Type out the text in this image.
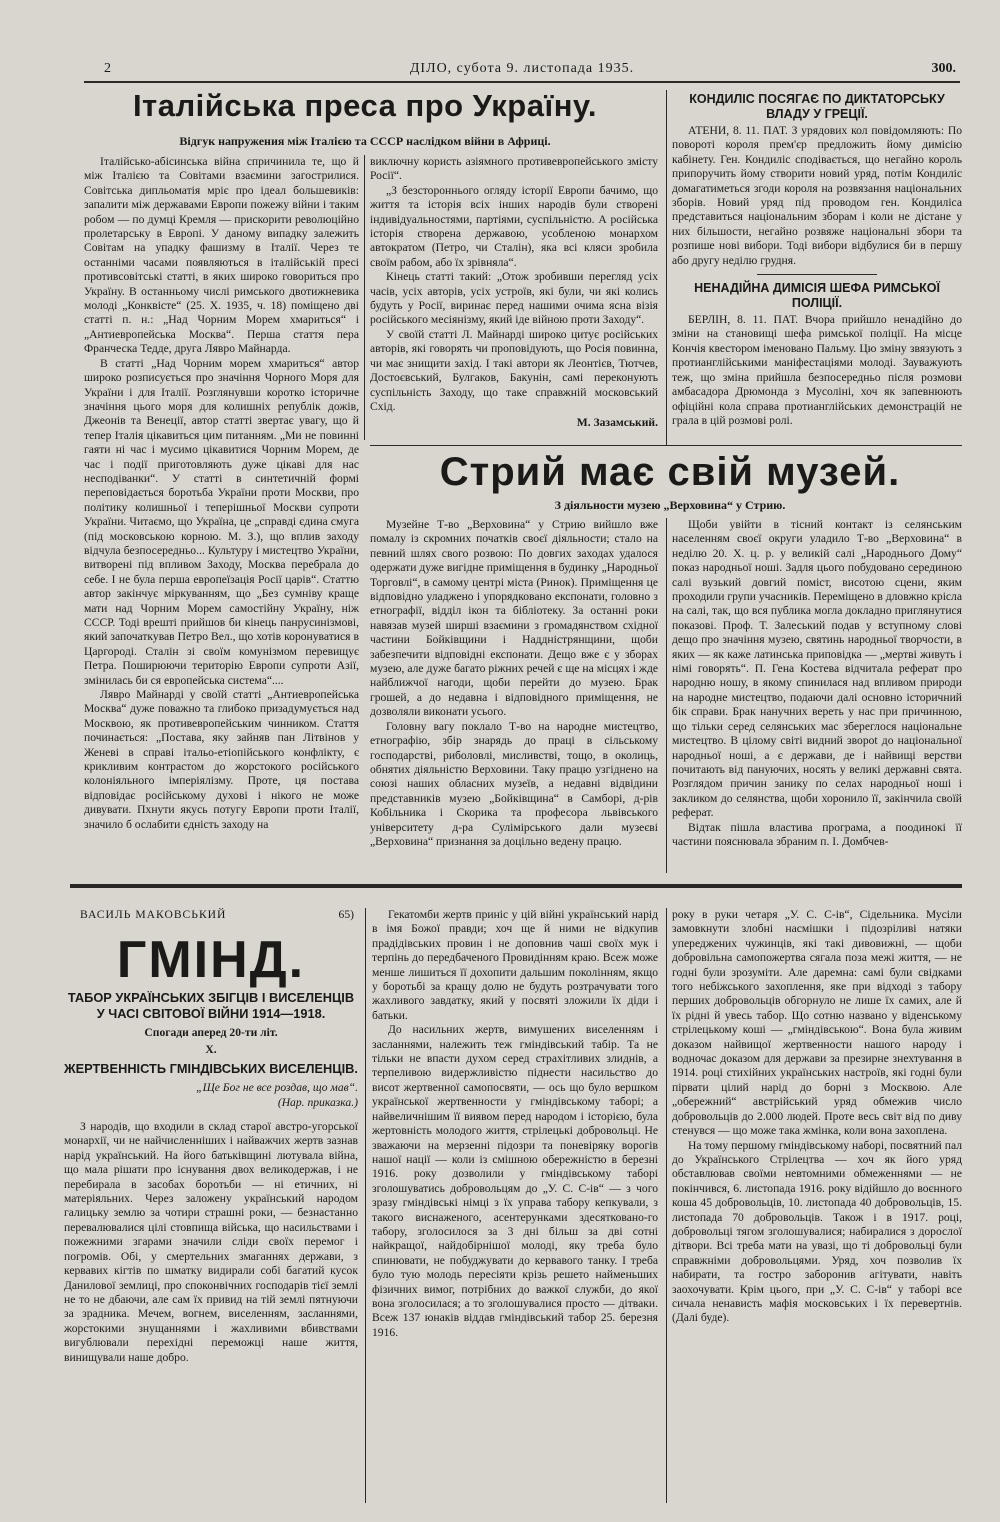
2	ДІЛО, субота 9. листопада 1935.	300.
Італійська преса про Україну.
Відгук напружения між Італією та СССР наслідком війни в Африці.

Італійсько-абісинська війна спричинила те, що й між Італією та Совітами взаємини загострилися. Совітська дипльоматія мріє про ідеал большевиків: запалити між державами Европи пожежу війни і таким робом — по думці Кремля — прискорити революційно пролетарську в Европі. У даному випадку залежить Совітам на упадку фашизму в Італії. Через те останніми часами появляються в італійській пресі противсовітські статті, в яких широко говориться про Україну. В останньому числі римського двотижневика молоді „Конквісте“ (25. Х. 1935, ч. 18) поміщено дві статті п. н.: „Над Чорним Морем хмариться“ і „Антиевропейська Москва“. Перша стаття пера Франческа Тедде, друга Лявро Майнарда.

В статті „Над Чорним морем хмариться“ автор широко розписується про значіння Чорного Моря для України і для Італії. Розглянувши коротко історичне значіння цього моря для колишніх републік дожів, Джеонів та Венеції, автор статті звертає увагу, що й тепер Італія цікавиться цим питанням. „Ми не повинні гаяти ні час і мусимо цікавитися Чорним Морем, де час і події приготовляють дуже цікаві для нас несподіванки“. У статті в синтетичній формі переповідається боротьба України проти Москви, про політику колишньої і теперішньої Москви супроти України. Читаємо, що Україна, це „справді єдина смуга (під московською корною. М. З.), що вплив заходу відчула безпосередньо... Культуру і мистецтво України, витворені під впливом Заходу, Москва перебрала до себе. І не була перша европеїзація Росії царів“. Статтю автор закінчує міркуванням, що „Без сумніву краще мати над Чорним Морем самостійну Україну, ніж СССР. Тоді врешті прийшов би кінець панрусинізмові, який започаткував Петро Вел., що хотів коронуватися в Царгороді. Сталін зі своїм комунізмом перевищує Петра. Поширюючи територію Европи супроти Азії, змінилась би ся европейська система“....

Лявро Майнарді у своїй статті „Антиевропейська Москва“ дуже поважно та глибоко призадумується над Москвою, як противевропейським чинником. Стаття починається: „Постава, яку зайняв пан Літвінов у Женеві в справі італьо-етіопійського конфлікту, є крикливим контрастом до жорстокого російського колоніяльного імперіялізму. Проте, ця постава відповідає російському духові і нікого не може дивувати. Пхнути якусь потугу Европи проти Італії, значило б ослабити єдність заходу на

виключну користь азіямного противевропейського змісту Росії“.

„З безстороннього огляду історії Европи бачимо, що життя та історія всіх інших народів були створені індивідуальностями, партіями, суспільністю. А російська історія створена державою, усобленою монархом автократом (Петро, чи Сталін), яка всі кляси зробила своїм рабом, або їх зрівняла“.

Кінець статті такий: „Отож зробивши перегляд усіх часів, усіх авторів, усіх устроїв, які були, чи які колись будуть у Росії, виринає перед нашими очима ясна візія російського месіянізму, який іде війною проти Заходу“.

У своїй статті Л. Майнарді широко цитує російських авторів, які говорять чи проповідують, що Росія повинна, чи має знищити захід. І такі автори як Леонтієв, Тютчев, Достоєвський, Булгаков, Бакунін, самі переконують суспільність Заходу, що таке справжній московський Схід.

М. Зазамський.
КОНДИЛІС ПОСЯГАЄ ПО ДИКТАТОРСЬКУ ВЛАДУ У ГРЕЦІЇ.

АТЕНИ, 8. 11. ПАТ. З урядових кол повідомляють: По повороті короля прем'єр предложить йому димісію кабінету. Ген. Кондиліс сподівається, що негайно король припоручить йому створити новий уряд, потім Кондиліс домагатиметься згоди короля на розвязання національних зборів. Новий уряд під проводом ген. Кондиліса представиться національним зборам і коли не дістане у них більшости, негайно розвяже національні збори та розпише нові вибори. Тоді вибори відбулися би в першу або другу неділю грудня.

НЕНАДІЙНА ДИМІСІЯ ШЕФА РИМСЬКОЇ ПОЛІЦІЇ.

БЕРЛІН, 8. 11. ПАТ. Вчора прийшло ненадійно до зміни на становищі шефа римської поліції. На місце Кончія квестором іменовано Пальму. Цю зміну звязують з протианглійськими маніфестаціями молоді. Зауважують теж, що зміна прийшла безпосередньо після розмови амбасадора Дрюмонда з Мусоліні, хоч як запевнюють офіційні кола справа протианглійських демонстрацій не грала в цій розмові ролі.

Стрий має свій музей.
З діяльности музею „Верховина“ у Стрию.

Музейне Т-во „Верховина“ у Стрию вийшло вже помалу із скромних початків своєї діяльности; стало на певний шлях свого розвою: По довгих заходах удалося одержати дуже вигідне приміщення в будинку „Народньої Торговлі“, в самому центрі міста (Ринок). Приміщення це відповідно уладжено і упорядковано експонати, головно з етнографії, відділ ікон та бібліотеку. За останні роки навязав музей ширші взаємини з громадянством східної частини Бойківщини і Наддністрянщини, щоби забезпечити відповідні експонати. Дещо вже є у зборах музею, але дуже багато ріжних речей є ще на місцях і жде найближчої нагоди, щоби перейти до музею. Брак грошей, а до недавна і відповідного приміщення, не дозволяли виконати усього.

Головну вагу поклало Т-во на народне мистецтво, етнографію, збір знарядь до праці в сільському господарстві, риболовлі, мисливстві, тощо, в околиць, обнятих діяльністю Верховини. Таку працю узгіднено на союзі наших обласних музеїв, а недавні відвідини представників музею „Бойківщина“ в Самборі, д-рів Кобільника і Скорика та професора львівського університету д-ра Сулімірського дали музеєві „Верховина“ признання за доцільно ведену працю.

Щоби увійти в тісний контакт із селянським населенням своєї округи уладило Т-во „Верховина“ в неділю 20. Х. ц. р. у великій салі „Народнього Дому“ показ народньої ноші. Задля цього побудовано серединою салі вузький довгий поміст, висотою сцени, яким проходили групи учасників. Переміщено в дловжно крісла на салі, так, що вся публика могла докладно приглянутися показові. Проф. Т. Залеський подав у вступному слові дещо про значіння музею, святинь народньої творчости, в яких — як каже латинська приповідка — „мертві живуть і німі говорять“. П. Гена Костева відчитала реферат про народню ношу, в якому спинилася над впливом природи на народне мистецтво, подаючи далі основно історичний бік справи. Брак нанучних вереть у нас при причинною, що тільки серед селянських мас збереглося національне мистецтво. В цілому світі видний звороt до національної народньої ноші, а є держави, де і найвищі верстви почитають від пануючих, носять у великі державні свята. Розглядом причин занику по селах народньої ноші і закликом до селянства, щоби хоронило її, закінчила своїй реферат.

Відтак пішла властива програма, а поодинокі її частини пояснювала збраним п. І. Домбчев-

ВАСИЛЬ МАКОВСЬКИЙ	65)
ГМІНД.
ТАБОР УКРАЇНСЬКИХ ЗБІГЦІВ І ВИСЕЛЕНЦІВ У ЧАСІ СВІТОВОЇ ВІЙНИ 1914—1918.

Спогади аперед 20-ти літ.

X.

ЖЕРТВЕННІСТЬ ГМІНДІВСЬКИХ ВИСЕЛЕНЦІВ.

„Ще Бог не все роздав, що мав“.

(Нар. приказка.)

З народів, що входили в склад старої австро-угорської монархії, чи не найчисленніших і найважчих жертв зазнав нарід український. На його батьківщині лютувала війна, що мала рішати про існування двох великодержав, і не перебирала в засобах боротьби — ні етичних, ні матеріяльних. Через заложену український народом галицьку землю за чотири страшні роки, — безнастанно перевалювалися цілі стовпища війська, що насильствами і пожежними згарами значили сліди своїх перемог і погромів. Обі, у смертельних змаганнях держави, з кервавих кігтів по шматку видирали собі багатий кусок Данилової землиці, про споконвічних господарів тієї землі не то не дбаючи, але сам їх привид на тій землі пятнуючи за зрадника. Мечем, вогнем, виселенням, засланнями, жорстокими знущаннями і жахливими вбивствами вигублювали перехідні переможці наше життя, винищували наше добро.

Гекатомби жертв приніс у цій війні український нарід в імя Божої правди; хоч ще й ними не відкупив прадідівських провин і не доповнив чаші своїх мук і терпінь до передбаченого Провидінням краю. Всеж може менше лишиться її дохопити дальшим поколінням, якщо у боротьбі за кращу долю не будуть розтрачувати того жахливого завдатку, який у посвяті зложили їх діди і батьки.

До насильних жертв, вимушених виселенням і засланнями, належить теж гміндівський табір. Та не тільки не впасти духом серед страхітливих злиднів, а терпеливою видержливістю піднести насильство до висот жертвенної самопосвяти, — ось що було вершком української жертвенности у гміндівському таборі; а найвеличнішим її виявом перед народом і історією, була жертовність молодого життя, стрілецькі добровольці. Не зважаючи на мерзенні підозри та поневіряку ворогів нашої нації — коли із смішною обережністю в березні 1916. року дозволили у гміндівському таборі зголошуватись добровольцям до „У. С. С-ів“ — з чого зразу гміндівські німці з їх управа табору кепкували, з такого виснаженого, асентерунками здесятковано-го табору, зголосилося за 3 дні більш за дві сотні найкращої, найдобірнішої молоді, яку треба було спинювати, не побуджувати до кервавого танку. І треба було тую молодь пересіяти крізь решето найменьших фізичних вимог, потрібних до важкої служби, до якої вона зголосилася; а то зголошувалися просто — дітваки. Всеж 137 юнаків віддав гміндівський табор 25. березня 1916.

року в руки четаря „У. С. С-ів“, Сідельника. Мусіли замовкнути злобні насмішки і підозріливі натяки упереджених чужинців, які такі дивовижні, — щоби добровільна самопожертва сягала поза межі життя, — не годні були зрозуміти. Але даремна: самі були свідками того небіжського захоплення, яке при відході з табору перших добровольців обгорнуло не лише їх самих, але й їх рідні й увесь табор. Що сотню названо у віденському стрілецькому коші — „гміндівською“. Вона була живим доказом найвищої жертвенности нашого народу і водночас доказом для держави за презирне знехтування в 1914. році стихійних українських настроїв, які годні були пірвати цілий нарід до борні з Москвою. Але „обережний“ австрійський уряд обмежив число добровольців до 2.000 людей. Проте весь світ від по диву стенувся — що може така жмінка, коли вона захоплена.

На тому першому гміндівському наборі, посвятний пал до Українського Стрілецтва — хоч як його уряд обставлював своїми невтомними обмеженнями — не покінчився, 6. листопада 1916. року відійшло до воєнного коша 45 добровольців, 10. листопада 40 добровольців, 15. листопада 70 добровольців. Також і в 1917. році, добровольці тягом зголошувалися; набиралися з дорослої дітвори. Всі треба мати на увазі, що ті добровольці були справжніми добровольцями. Уряд, хоч позволив їх набирати, та гостро заборонив агітувати, навіть заохочувати. Крім цього, при „У. С. С-ів“ у таборі все сичала ненависть мафія московських і їх перевертнів. (Далі буде).
